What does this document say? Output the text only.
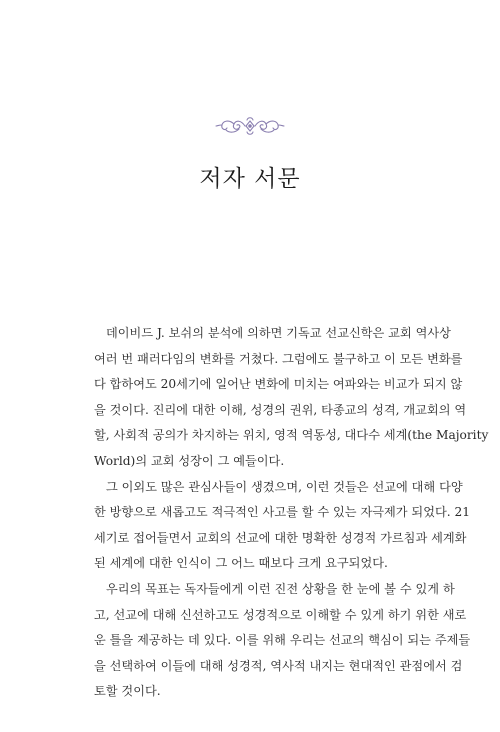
저자 서문
데이비드 J. 보쉬의 분석에 의하면 기독교 선교신학은 교회 역사상
여러 번 패러다임의 변화를 거쳤다. 그럼에도 불구하고 이 모든 변화를
다 합하여도 20세기에 일어난 변화에 미치는 여파와는 비교가 되지 않
을 것이다. 진리에 대한 이해, 성경의 권위, 타종교의 성격, 개교회의 역
할, 사회적 공의가 차지하는 위치, 영적 역동성, 대다수 세계(the Majority
World)의 교회 성장이 그 예들이다.
그 이외도 많은 관심사들이 생겼으며, 이런 것들은 선교에 대해 다양
한 방향으로 새롭고도 적극적인 사고를 할 수 있는 자극제가 되었다. 21
세기로 접어들면서 교회의 선교에 대한 명확한 성경적 가르침과 세계화
된 세계에 대한 인식이 그 어느 때보다 크게 요구되었다.
우리의 목표는 독자들에게 이런 진전 상황을 한 눈에 볼 수 있게 하
고, 선교에 대해 신선하고도 성경적으로 이해할 수 있게 하기 위한 새로
운 틀을 제공하는 데 있다. 이를 위해 우리는 선교의 핵심이 되는 주제들
을 선택하여 이들에 대해 성경적, 역사적 내지는 현대적인 관점에서 검
토할 것이다.
